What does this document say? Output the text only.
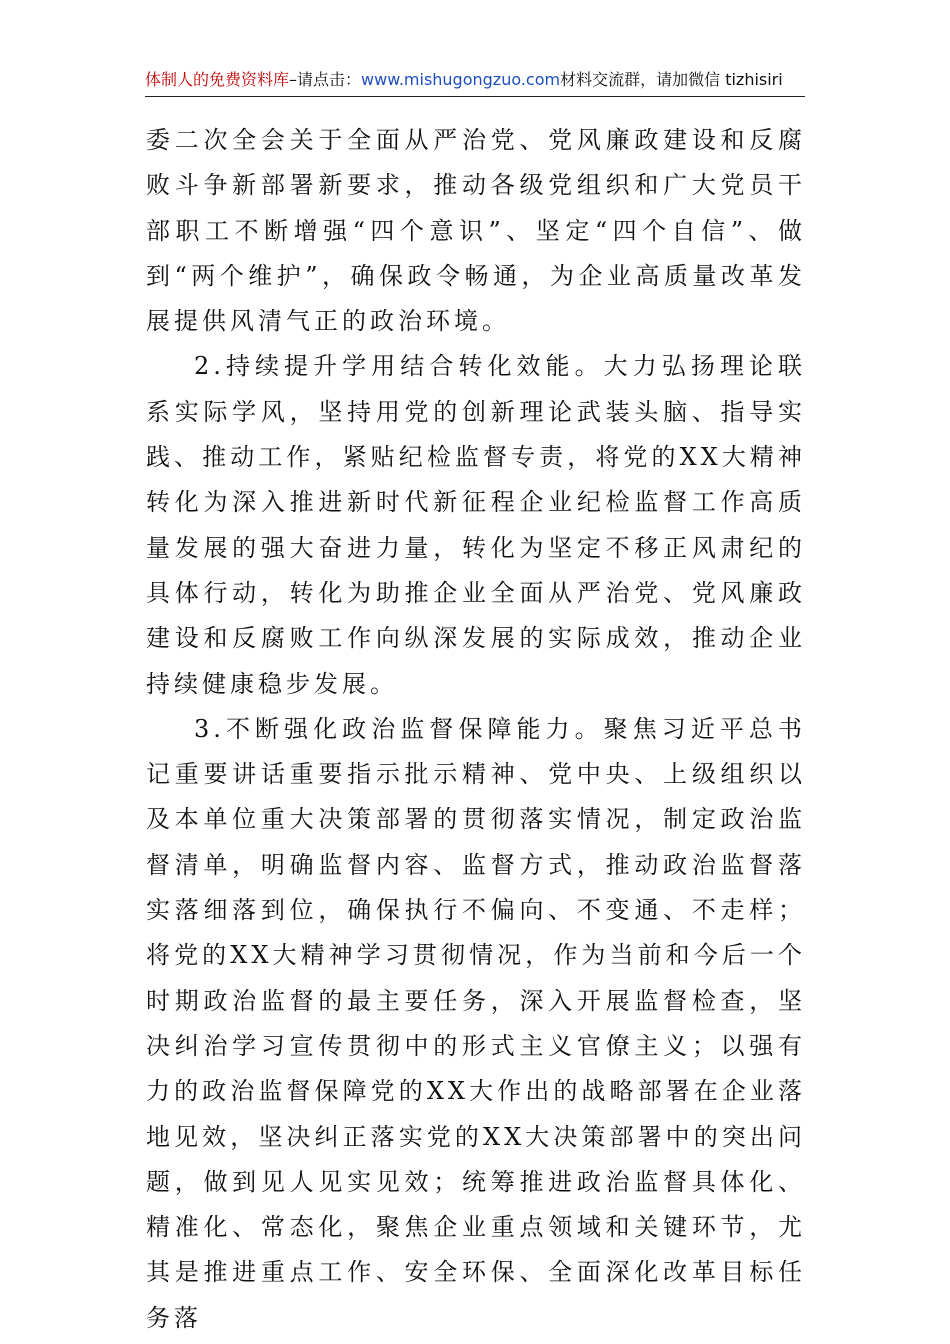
体制人的免费资料库–请点击：www.mishugongzuo.com材料交流群，请加微信 tizhisiri

委二次全会关于全面从严治党、党风廉政建设和反腐败斗争新部署新要求，推动各级党组织和广大党员干部职工不断增强“四个意识”、坚定“四个自信”、做到“两个维护”，确保政令畅通，为企业高质量改革发展提供风清气正的政治环境。

2.持续提升学用结合转化效能。大力弘扬理论联系实际学风，坚持用党的创新理论武装头脑、指导实践、推动工作，紧贴纪检监督专责，将党的XX大精神转化为深入推进新时代新征程企业纪检监督工作高质量发展的强大奋进力量，转化为坚定不移正风肃纪的具体行动，转化为助推企业全面从严治党、党风廉政建设和反腐败工作向纵深发展的实际成效，推动企业持续健康稳步发展。

3.不断强化政治监督保障能力。聚焦习近平总书记重要讲话重要指示批示精神、党中央、上级组织以及本单位重大决策部署的贯彻落实情况，制定政治监督清单，明确监督内容、监督方式，推动政治监督落实落细落到位，确保执行不偏向、不变通、不走样；将党的XX大精神学习贯彻情况，作为当前和今后一个时期政治监督的最主要任务，深入开展监督检查，坚决纠治学习宣传贯彻中的形式主义官僚主义；以强有力的政治监督保障党的XX大作出的战略部署在企业落地见效，坚决纠正落实党的XX大决策部署中的突出问题，做到见人见实见效；统筹推进政治监督具体化、精准化、常态化，聚焦企业重点领域和关键环节，尤其是推进重点工作、安全环保、全面深化改革目标任务落
